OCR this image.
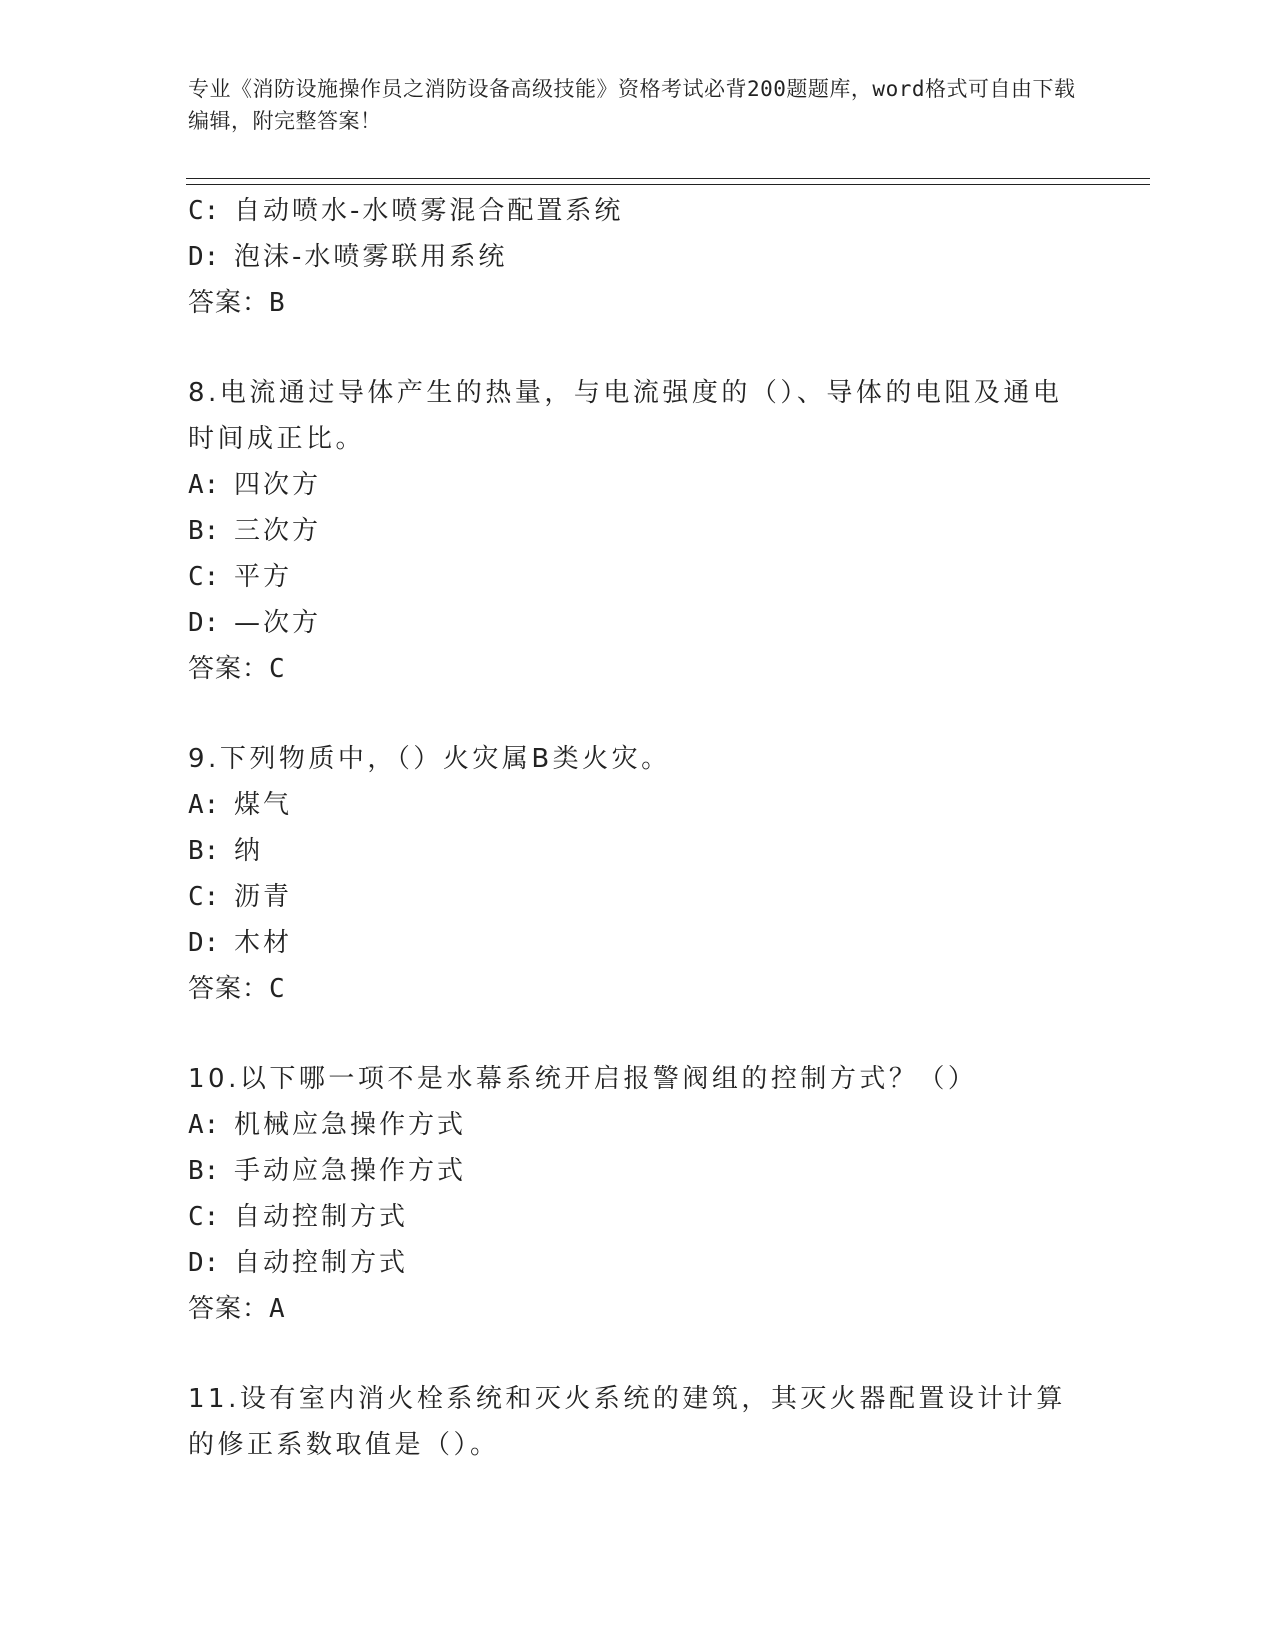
专业《消防设施操作员之消防设备高级技能》资格考试必背200题题库，word格式可自由下载编辑，附完整答案！
C: 自动喷水-水喷雾混合配置系统
D: 泡沫-水喷雾联用系统
答案：B
8.电流通过导体产生的热量，与电流强度的（）、导体的电阻及通电时间成正比。
A: 四次方
B: 三次方
C: 平方
D: —次方
答案：C
9.下列物质中，（）火灾属B类火灾。
A: 煤气
B: 纳
C: 沥青
D: 木材
答案：C
10.以下哪一项不是水幕系统开启报警阀组的控制方式？（）
A: 机械应急操作方式
B: 手动应急操作方式
C: 自动控制方式
D: 自动控制方式
答案：A
11.设有室内消火栓系统和灭火系统的建筑，其灭火器配置设计计算的修正系数取值是（）。
